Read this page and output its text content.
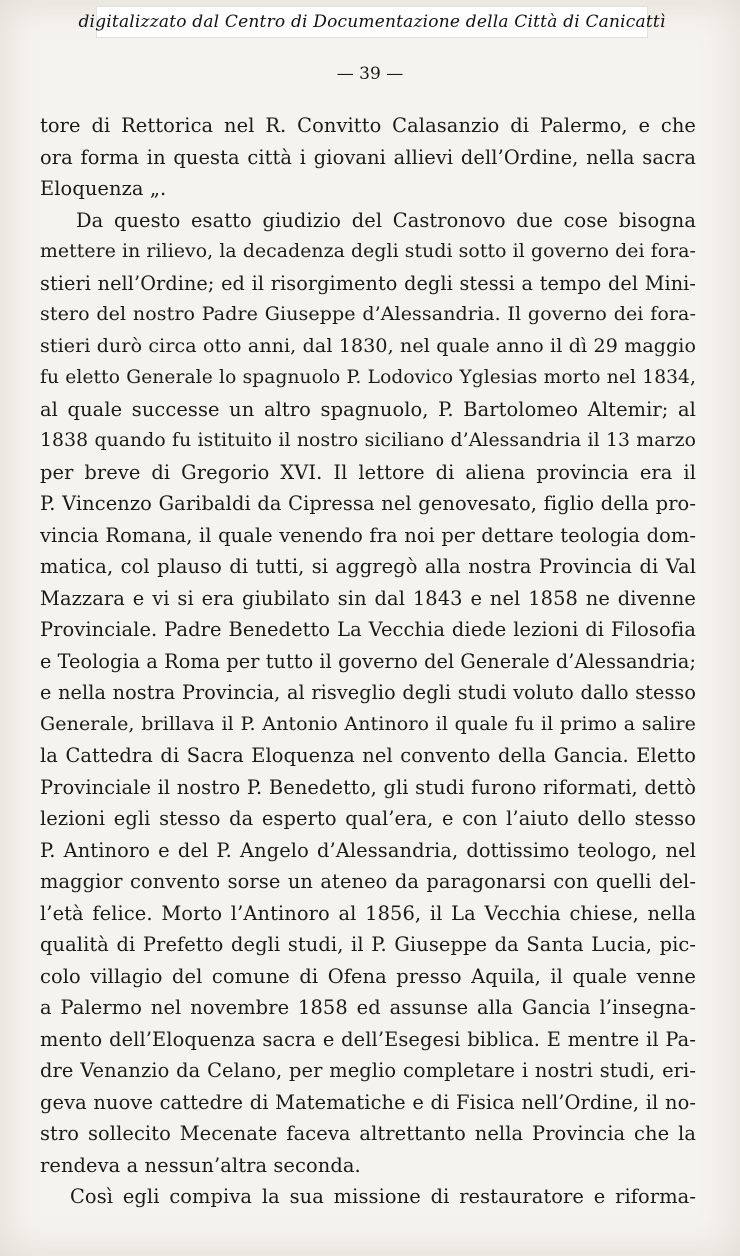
digitalizzato dal Centro di Documentazione della Città di Canicattì
— 39 —
tore di Rettorica nel R. Convitto Calasanzio di Palermo, e che
ora forma in questa città i giovani allievi dell’Ordine, nella sacra
Eloquenza „.
Da questo esatto giudizio del Castronovo due cose bisogna
mettere in rilievo, la decadenza degli studi sotto il governo dei fora-
stieri nell’Ordine; ed il risorgimento degli stessi a tempo del Mini-
stero del nostro Padre Giuseppe d’Alessandria. Il governo dei fora-
stieri durò circa otto anni, dal 1830, nel quale anno il dì 29 maggio
fu eletto Generale lo spagnuolo P. Lodovico Yglesias morto nel 1834,
al quale successe un altro spagnuolo, P. Bartolomeo Altemir; al
1838 quando fu istituito il nostro siciliano d’Alessandria il 13 marzo
per breve di Gregorio XVI. Il lettore di aliena provincia era il
P. Vincenzo Garibaldi da Cipressa nel genovesato, figlio della pro-
vincia Romana, il quale venendo fra noi per dettare teologia dom-
matica, col plauso di tutti, si aggregò alla nostra Provincia di Val
Mazzara e vi si era giubilato sin dal 1843 e nel 1858 ne divenne
Provinciale. Padre Benedetto La Vecchia diede lezioni di Filosofia
e Teologia a Roma per tutto il governo del Generale d’Alessandria;
e nella nostra Provincia, al risveglio degli studi voluto dallo stesso
Generale, brillava il P. Antonio Antinoro il quale fu il primo a salire
la Cattedra di Sacra Eloquenza nel convento della Gancia. Eletto
Provinciale il nostro P. Benedetto, gli studi furono riformati, dettò
lezioni egli stesso da esperto qual’era, e con l’aiuto dello stesso
P. Antinoro e del P. Angelo d’Alessandria, dottissimo teologo, nel
maggior convento sorse un ateneo da paragonarsi con quelli del-
l’età felice. Morto l’Antinoro al 1856, il La Vecchia chiese, nella
qualità di Prefetto degli studi, il P. Giuseppe da Santa Lucia, pic-
colo villagio del comune di Ofena presso Aquila, il quale venne
a Palermo nel novembre 1858 ed assunse alla Gancia l’insegna-
mento dell’Eloquenza sacra e dell’Esegesi biblica. E mentre il Pa-
dre Venanzio da Celano, per meglio completare i nostri studi, eri-
geva nuove cattedre di Matematiche e di Fisica nell’Ordine, il no-
stro sollecito Mecenate faceva altrettanto nella Provincia che la
rendeva a nessun’altra seconda.
Così egli compiva la sua missione di restauratore e riforma-
